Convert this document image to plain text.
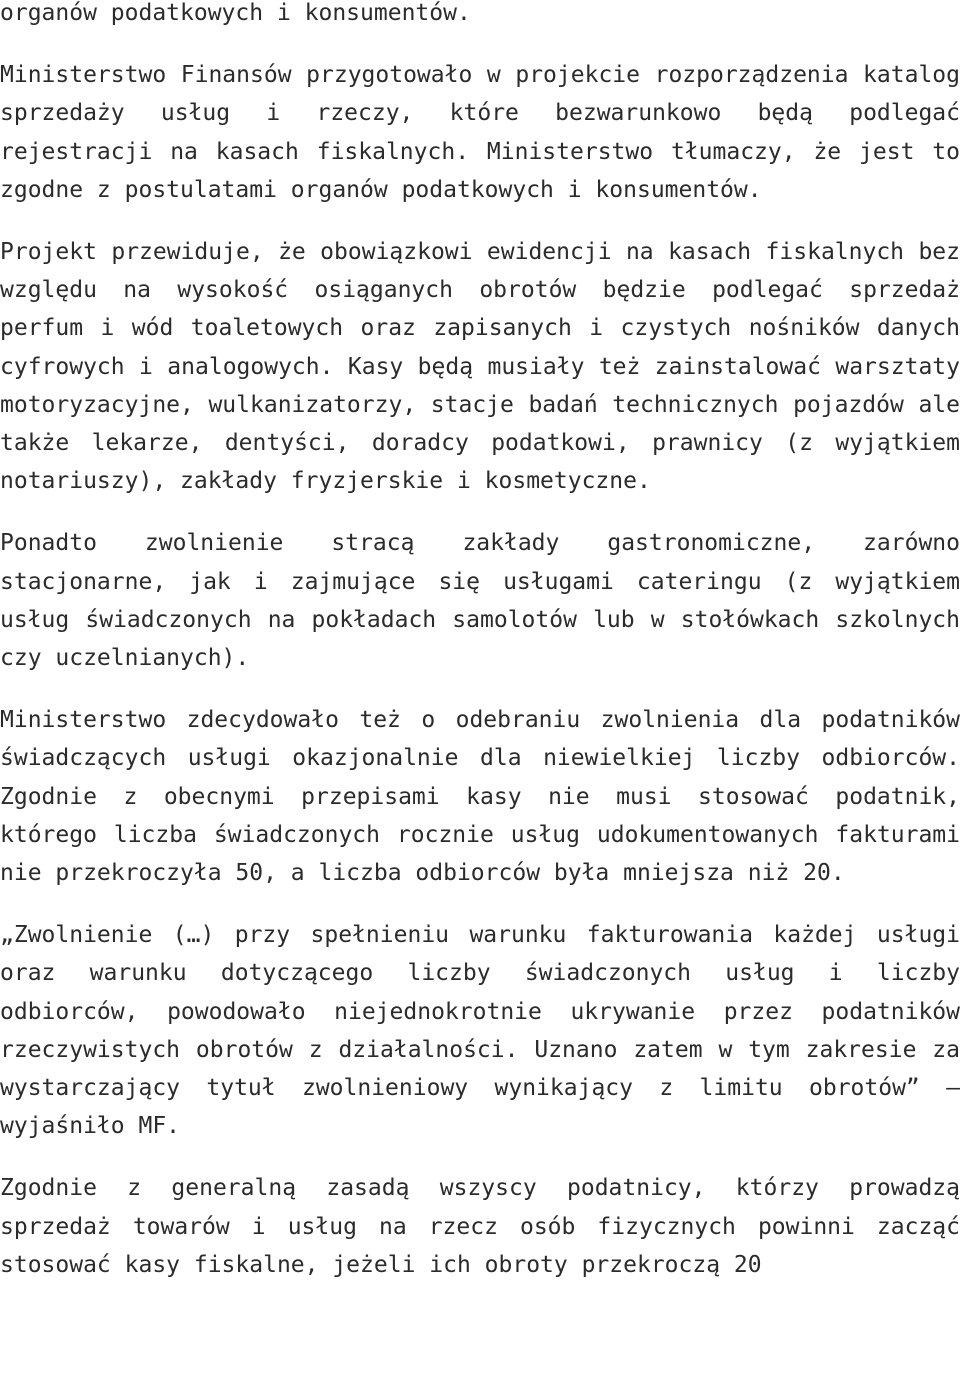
organów podatkowych i konsumentów.

Ministerstwo Finansów przygotowało w projekcie rozporządzenia katalog sprzedaży usług i rzeczy, które bezwarunkowo będą podlegać rejestracji na kasach fiskalnych. Ministerstwo tłumaczy, że jest to zgodne z postulatami organów podatkowych i konsumentów.

Projekt przewiduje, że obowiązkowi ewidencji na kasach fiskalnych bez względu na wysokość osiąganych obrotów będzie podlegać sprzedaż perfum i wód toaletowych oraz zapisanych i czystych nośników danych cyfrowych i analogowych. Kasy będą musiały też zainstalować warsztaty motoryzacyjne, wulkanizatorzy, stacje badań technicznych pojazdów ale także lekarze, dentyści, doradcy podatkowi, prawnicy (z wyjątkiem notariuszy), zakłady fryzjerskie i kosmetyczne.

Ponadto zwolnienie stracą zakłady gastronomiczne, zarówno stacjonarne, jak i zajmujące się usługami cateringu (z wyjątkiem usług świadczonych na pokładach samolotów lub w stołówkach szkolnych czy uczelnianych).

Ministerstwo zdecydowało też o odebraniu zwolnienia dla podatników świadczących usługi okazjonalnie dla niewielkiej liczby odbiorców. Zgodnie z obecnymi przepisami kasy nie musi stosować podatnik, którego liczba świadczonych rocznie usług udokumentowanych fakturami nie przekroczyła 50, a liczba odbiorców była mniejsza niż 20.

„Zwolnienie (…) przy spełnieniu warunku fakturowania każdej usługi oraz warunku dotyczącego liczby świadczonych usług i liczby odbiorców, powodowało niejednokrotnie ukrywanie przez podatników rzeczywistych obrotów z działalności. Uznano zatem w tym zakresie za wystarczający tytuł zwolnieniowy wynikający z limitu obrotów” — wyjaśniło MF.

Zgodnie z generalną zasadą wszyscy podatnicy, którzy prowadzą sprzedaż towarów i usług na rzecz osób fizycznych powinni zacząć stosować kasy fiskalne, jeżeli ich obroty przekroczą 20
